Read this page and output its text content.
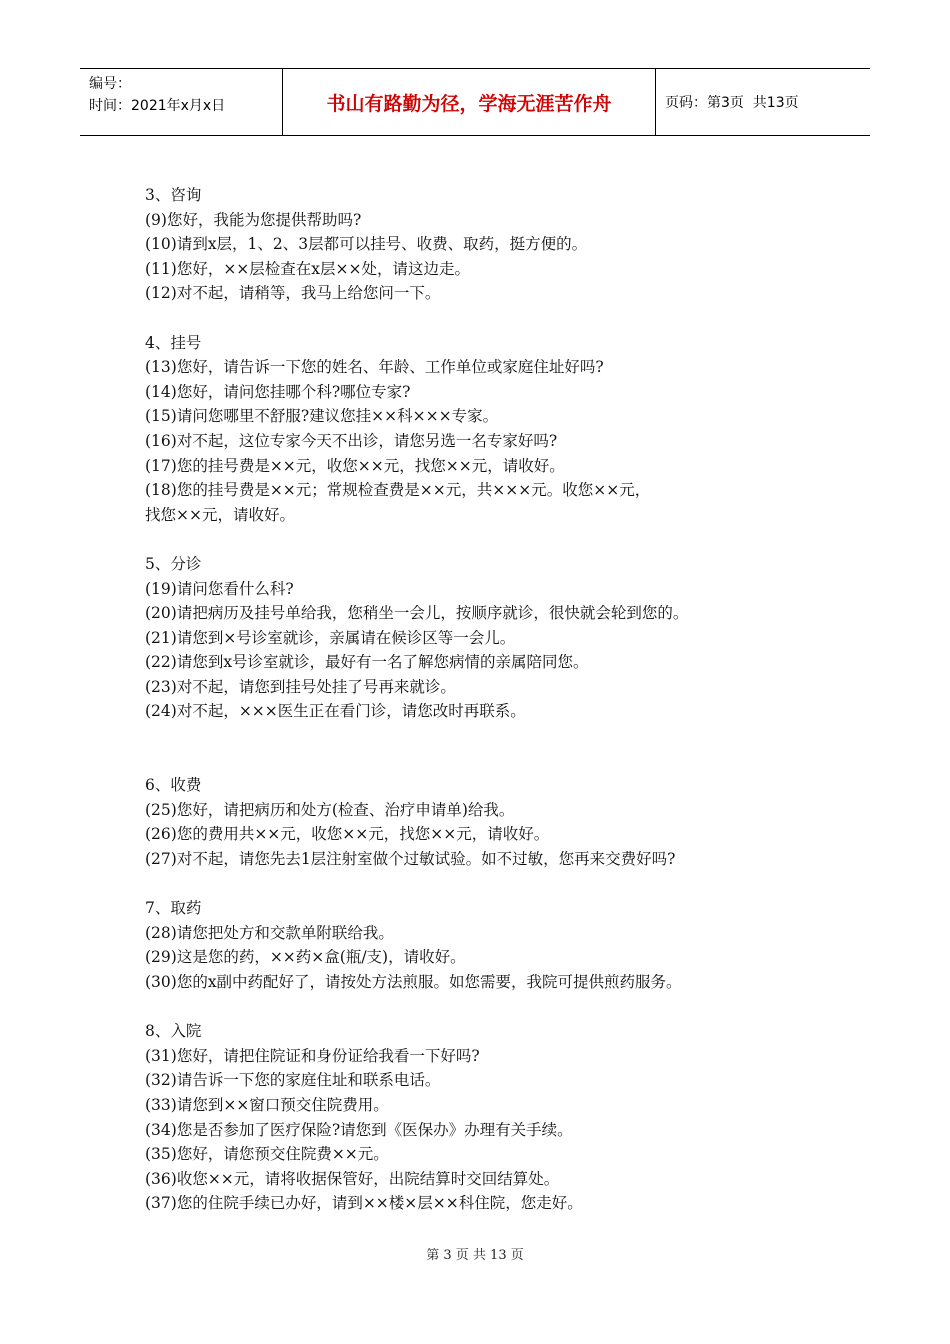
编号：
时间：2021年x月x日	书山有路勤为径，学海无涯苦作舟	页码：第3页  共13页
3、咨询
(9)您好，我能为您提供帮助吗?
(10)请到x层，1、2、3层都可以挂号、收费、取药，挺方便的。
(11)您好，××层检查在x层××处，请这边走。
(12)对不起，请稍等，我马上给您问一下。
4、挂号
(13)您好，请告诉一下您的姓名、年龄、工作单位或家庭住址好吗?
(14)您好，请问您挂哪个科?哪位专家?
(15)请问您哪里不舒服?建议您挂××科×××专家。
(16)对不起，这位专家今天不出诊，请您另选一名专家好吗?
(17)您的挂号费是××元，收您××元，找您××元，请收好。
(18)您的挂号费是××元；常规检查费是××元，共×××元。收您××元，
找您××元，请收好。
5、分诊
(19)请问您看什么科?
(20)请把病历及挂号单给我，您稍坐一会儿，按顺序就诊，很快就会轮到您的。
(21)请您到×号诊室就诊，亲属请在候诊区等一会儿。
(22)请您到x号诊室就诊，最好有一名了解您病情的亲属陪同您。
(23)对不起，请您到挂号处挂了号再来就诊。
(24)对不起，×××医生正在看门诊，请您改时再联系。
6、收费
(25)您好，请把病历和处方(检查、治疗申请单)给我。
(26)您的费用共××元，收您××元，找您××元，请收好。
(27)对不起，请您先去1层注射室做个过敏试验。如不过敏，您再来交费好吗?
7、取药
(28)请您把处方和交款单附联给我。
(29)这是您的药，××药×盒(瓶/支)，请收好。
(30)您的x副中药配好了，请按处方法煎服。如您需要，我院可提供煎药服务。
8、入院
(31)您好，请把住院证和身份证给我看一下好吗?
(32)请告诉一下您的家庭住址和联系电话。
(33)请您到××窗口预交住院费用。
(34)您是否参加了医疗保险?请您到《医保办》办理有关手续。
(35)您好，请您预交住院费××元。
(36)收您××元，请将收据保管好，出院结算时交回结算处。
(37)您的住院手续已办好，请到××楼×层××科住院，您走好。
第 3 页 共 13 页
